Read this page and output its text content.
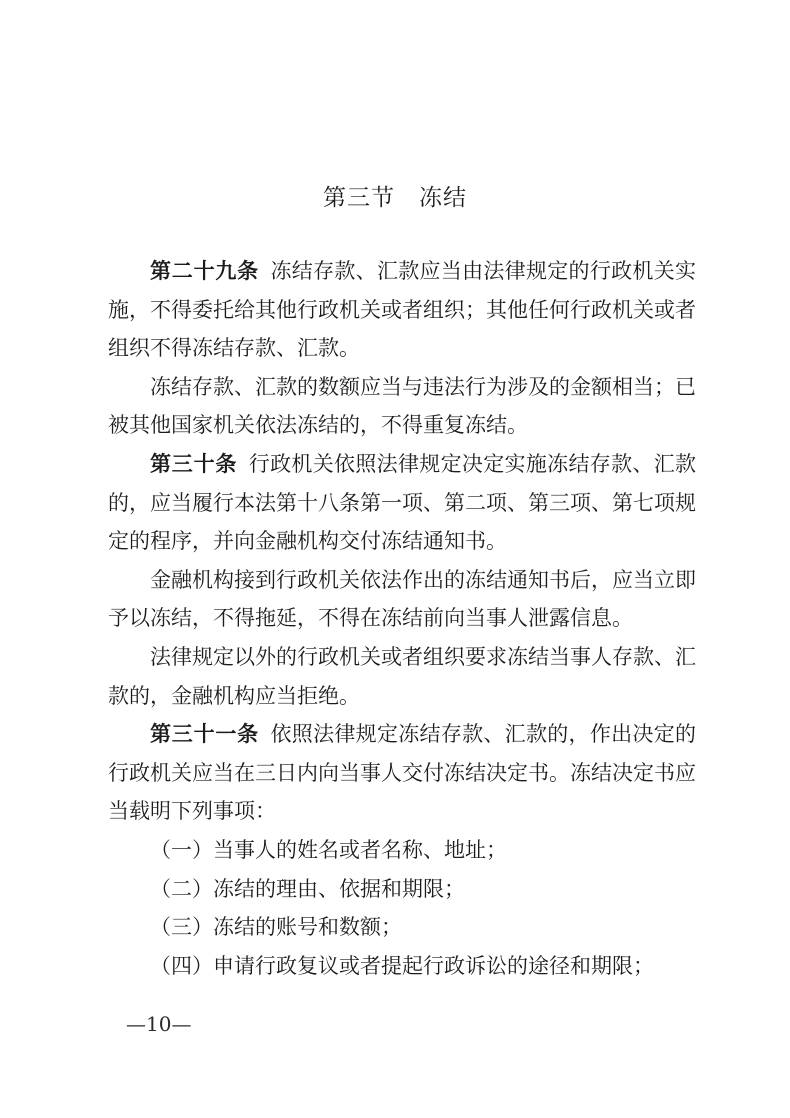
第三节　冻结

第二十九条 冻结存款、汇款应当由法律规定的行政机关实施，不得委托给其他行政机关或者组织；其他任何行政机关或者组织不得冻结存款、汇款。

冻结存款、汇款的数额应当与违法行为涉及的金额相当；已被其他国家机关依法冻结的，不得重复冻结。

第三十条 行政机关依照法律规定决定实施冻结存款、汇款的，应当履行本法第十八条第一项、第二项、第三项、第七项规定的程序，并向金融机构交付冻结通知书。

金融机构接到行政机关依法作出的冻结通知书后，应当立即予以冻结，不得拖延，不得在冻结前向当事人泄露信息。

法律规定以外的行政机关或者组织要求冻结当事人存款、汇款的，金融机构应当拒绝。

第三十一条 依照法律规定冻结存款、汇款的，作出决定的行政机关应当在三日内向当事人交付冻结决定书。冻结决定书应当载明下列事项：

（一）当事人的姓名或者名称、地址；

（二）冻结的理由、依据和期限；

（三）冻结的账号和数额；

（四）申请行政复议或者提起行政诉讼的途径和期限；

—10—
